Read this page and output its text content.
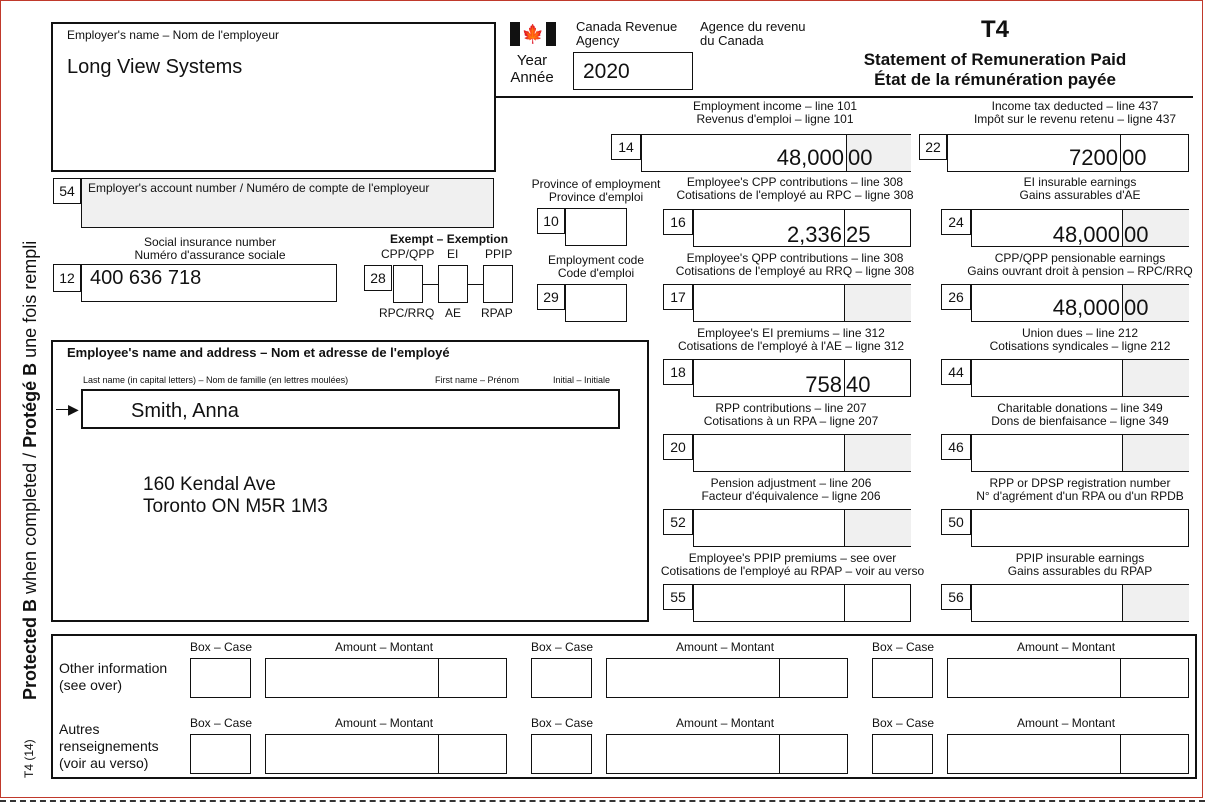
Protected B when completed / Protégé B une fois rempli
T4 (14)
Employer's name – Nom de l'employeur
Long View Systems
🍁 Canada Revenue
Agency
Agence du revenu
du Canada
Year
Année 2020
T4
Statement of Remuneration Paid
État de la rémunération payée
54	Employer's account number / Numéro de compte de l'employeur
Social insurance number
Numéro d'assurance sociale
12 400 636 718
Exempt – Exemption
CPP/QPP EI PPIP
28
RPC/RRQ AE RPAP
Province of employment
Province d'emploi
10
Employment code
Code d'emploi
29
Employee's name and address – Nom et adresse de l'employé
Last name (in capital letters) – Nom de famille (en lettres moulées)	First name – Prénom	Initial – Initiale
160 Kendal Ave
Toronto ON M5R 1M3
▶	Smith, Anna
Employment income – line 101
Revenus d'emploi – ligne 101
14	48,000 00
Income tax deducted – line 437
Impôt sur le revenu retenu – ligne 437
22	7200 00
Employee's CPP contributions – line 308
Cotisations de l'employé au RPC – ligne 308
16	2,336 25
EI insurable earnings
Gains assurables d'AE
24	48,000 00
Employee's QPP contributions – line 308
Cotisations de l'employé au RRQ – ligne 308
17
CPP/QPP pensionable earnings
Gains ouvrant droit à pension – RPC/RRQ
26	48,000 00
Employee's EI premiums – line 312
Cotisations de l'employé à l'AE – ligne 312
18	758 40
Union dues – line 212
Cotisations syndicales – ligne 212
44
RPP contributions – line 207
Cotisations à un RPA – ligne 207
20
Charitable donations – line 349
Dons de bienfaisance – ligne 349
46
Pension adjustment – line 206
Facteur d'équivalence – ligne 206
52
RPP or DPSP registration number
N° d'agrément d'un RPA ou d'un RPDB
50
Employee's PPIP premiums – see over
Cotisations de l'employé au RPAP – voir au verso
55
PPIP insurable earnings
Gains assurables du RPAP
56
Other information
(see over)
Autres
renseignements
(voir au verso)
Box – Case	Amount – Montant	Box – Case	Amount – Montant	Box – Case	Amount – Montant
Box – Case	Amount – Montant	Box – Case	Amount – Montant	Box – Case	Amount – Montant
